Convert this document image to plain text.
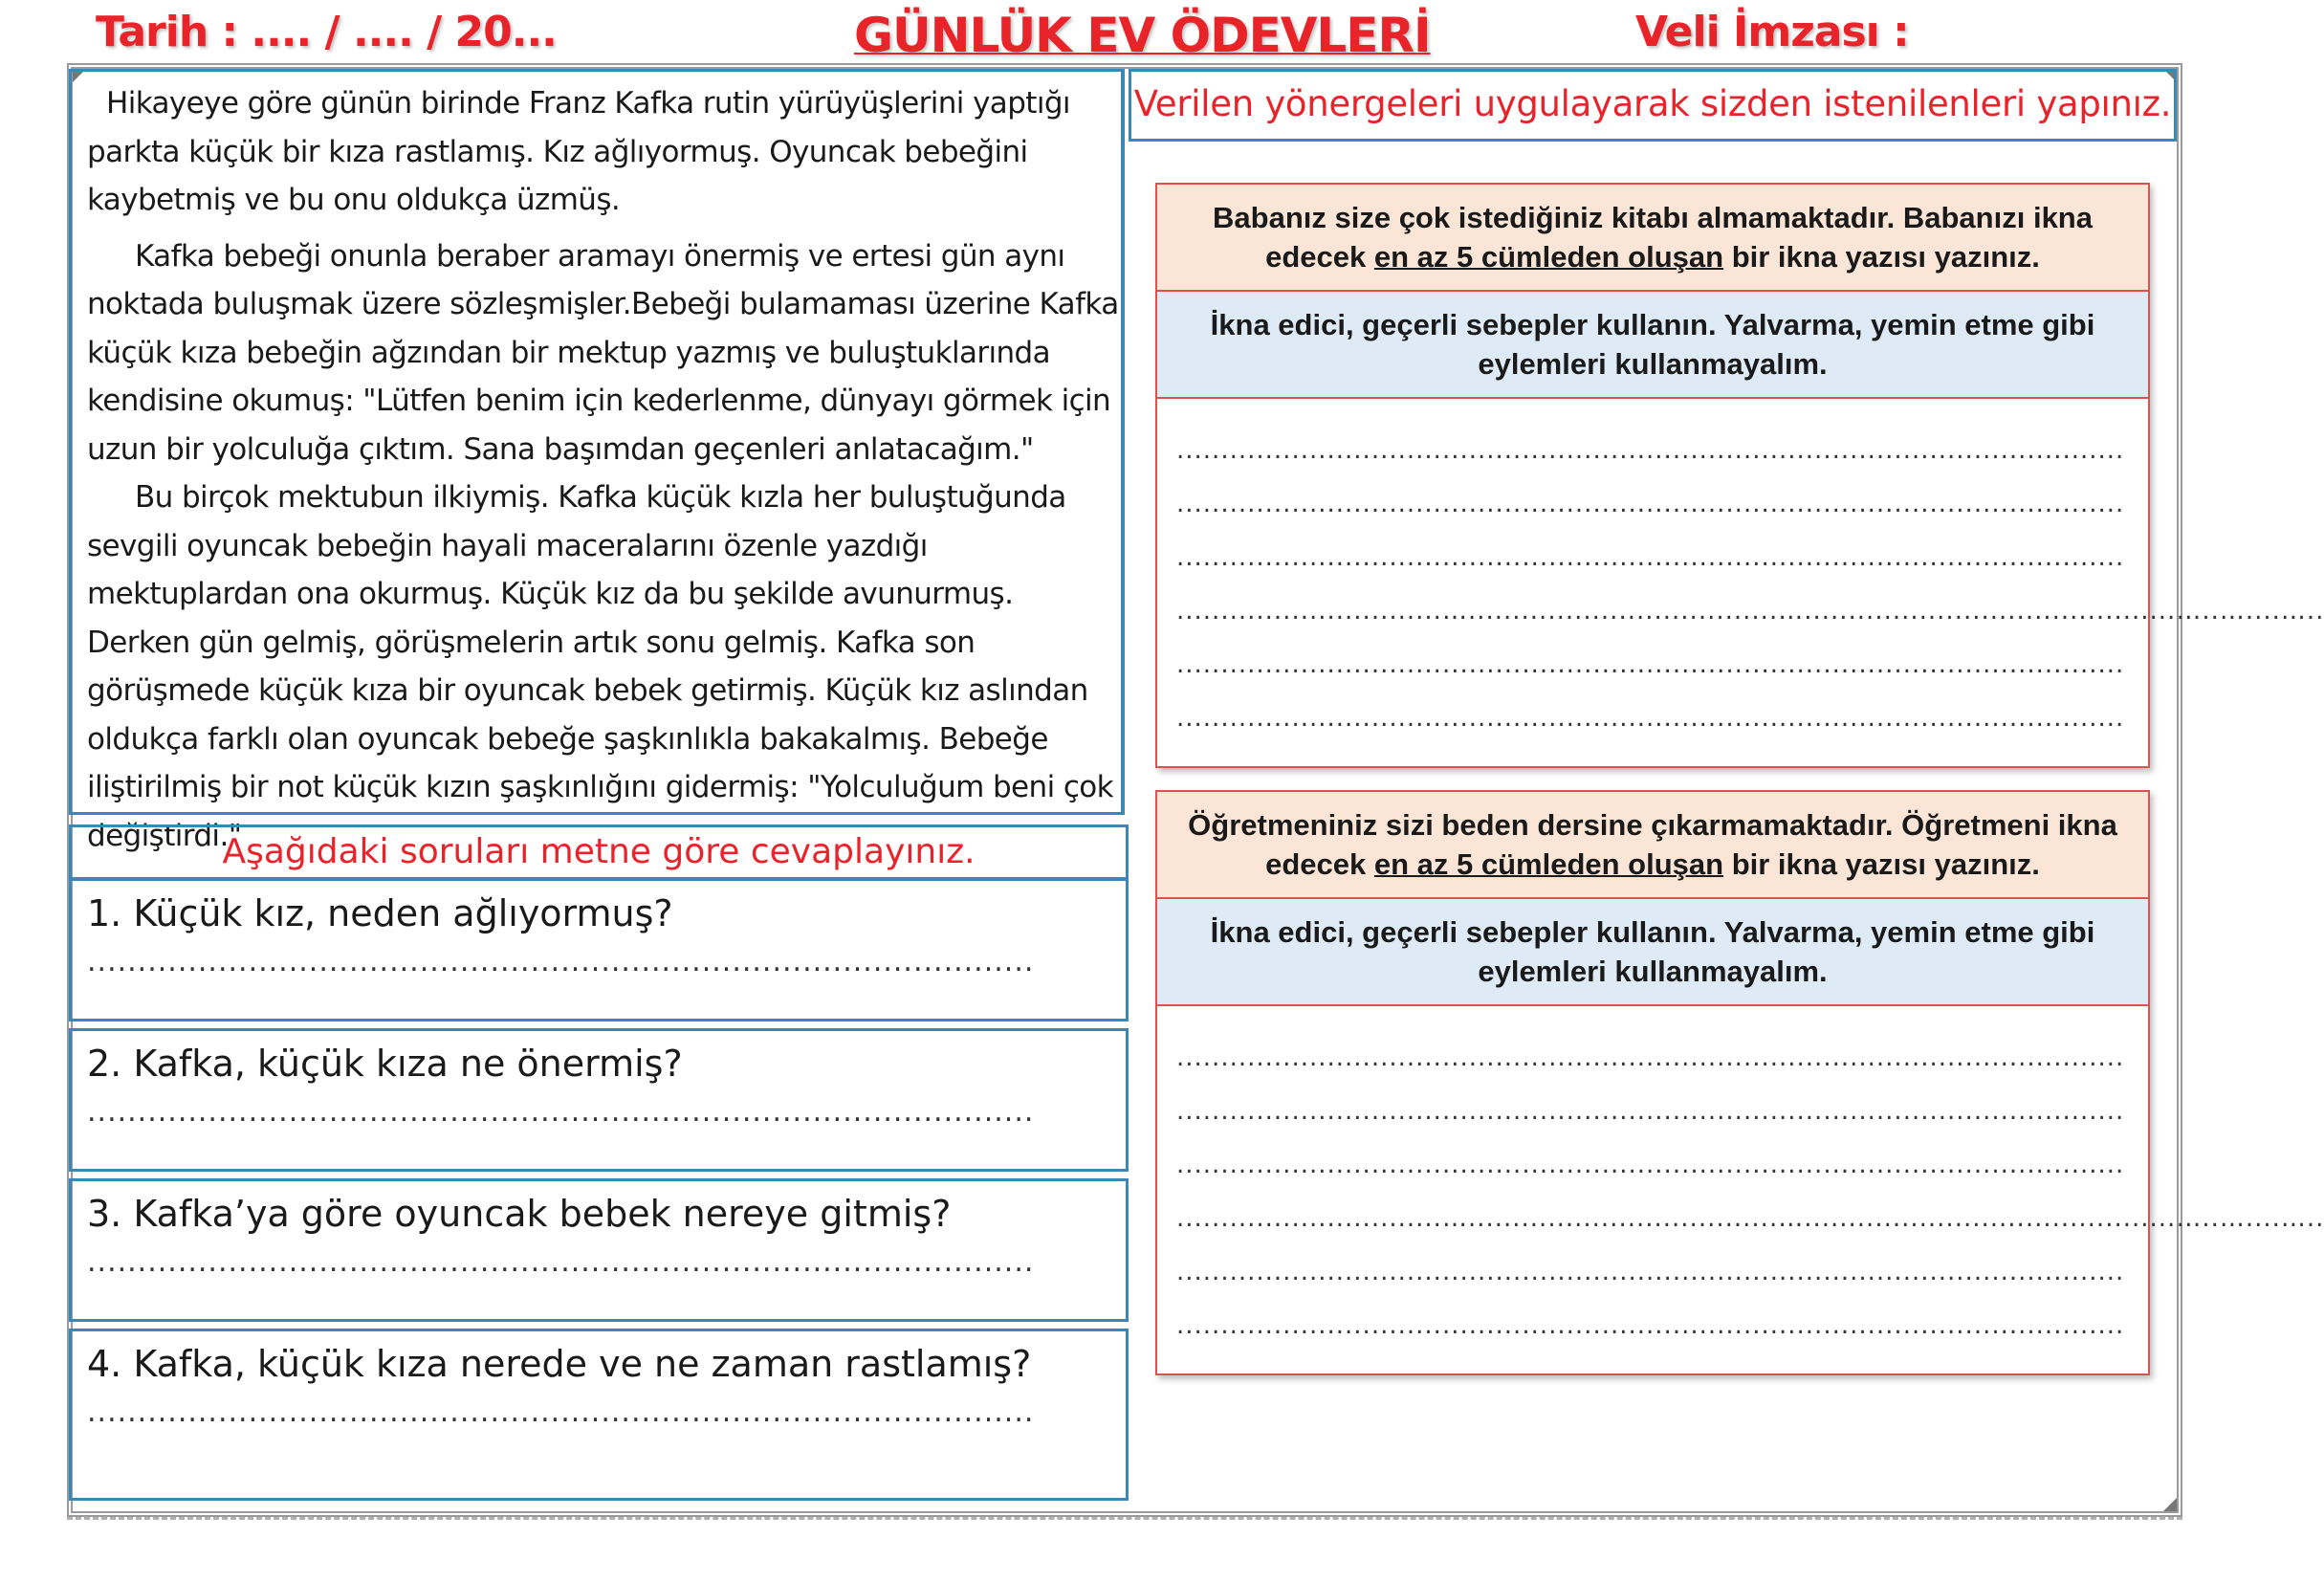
Tarih : .... / .... / 20...	GÜNLÜK EV ÖDEVLERİ	Veli İmzası :

Hikayeye göre günün birinde Franz Kafka rutin yürüyüşlerini yaptığı parkta küçük bir kıza rastlamış. Kız ağlıyormuş. Oyuncak bebeğini kaybetmiş ve bu onu oldukça üzmüş.

Kafka bebeği onunla beraber aramayı önermiş ve ertesi gün aynı noktada buluşmak üzere sözleşmişler.Bebeği bulamaması üzerine Kafka küçük kıza bebeğin ağzından bir mektup yazmış ve buluştuklarında kendisine okumuş: "Lütfen benim için kederlenme, dünyayı görmek için uzun bir yolculuğa çıktım. Sana başımdan geçenleri anlatacağım."

Bu birçok mektubun ilkiymiş. Kafka küçük kızla her buluştuğunda sevgili oyuncak bebeğin hayali maceralarını özenle yazdığı mektuplardan ona okurmuş. Küçük kız da bu şekilde avunurmuş. Derken gün gelmiş, görüşmelerin artık sonu gelmiş. Kafka son görüşmede küçük kıza bir oyuncak bebek getirmiş. Küçük kız aslından oldukça farklı olan oyuncak bebeğe şaşkınlıkla bakakalmış. Bebeğe iliştirilmiş bir not küçük kızın şaşkınlığını gidermiş: "Yolculuğum beni çok değiştirdi."

Aşağıdaki soruları metne göre cevaplayınız.
1. Küçük kız, neden ağlıyormuş?
..............................................................................................
2. Kafka, küçük kıza ne önermiş?
..............................................................................................
3. Kafka’ya göre oyuncak bebek nereye gitmiş?
..............................................................................................
4. Kafka, küçük kıza nerede ve ne zaman rastlamış?
..............................................................................................
Verilen yönergeleri uygulayarak sizden istenilenleri yapınız.
Babanız size çok istediğiniz kitabı almamaktadır. Babanızı ikna edecek en az 5 cümleden oluşan bir ikna yazısı yazınız.
İkna edici, geçerli sebepler kullanın. Yalvarma, yemin etme gibi eylemleri kullanmayalım.
...........................................................................................................
...........................................................................................................
...........................................................................................................
..............................…...................................…..........................................…..…....…..
...........................................................................................................
...........................................................................................................
Öğretmeniniz sizi beden dersine çıkarmamaktadır. Öğretmeni ikna edecek en az 5 cümleden oluşan bir ikna yazısı yazınız.
İkna edici, geçerli sebepler kullanın. Yalvarma, yemin etme gibi eylemleri kullanmayalım.
...........................................................................................................
...........................................................................................................
...........................................................................................................
..............................…...................................…..........................................…..…....…..
...........................................................................................................
...........................................................................................................
